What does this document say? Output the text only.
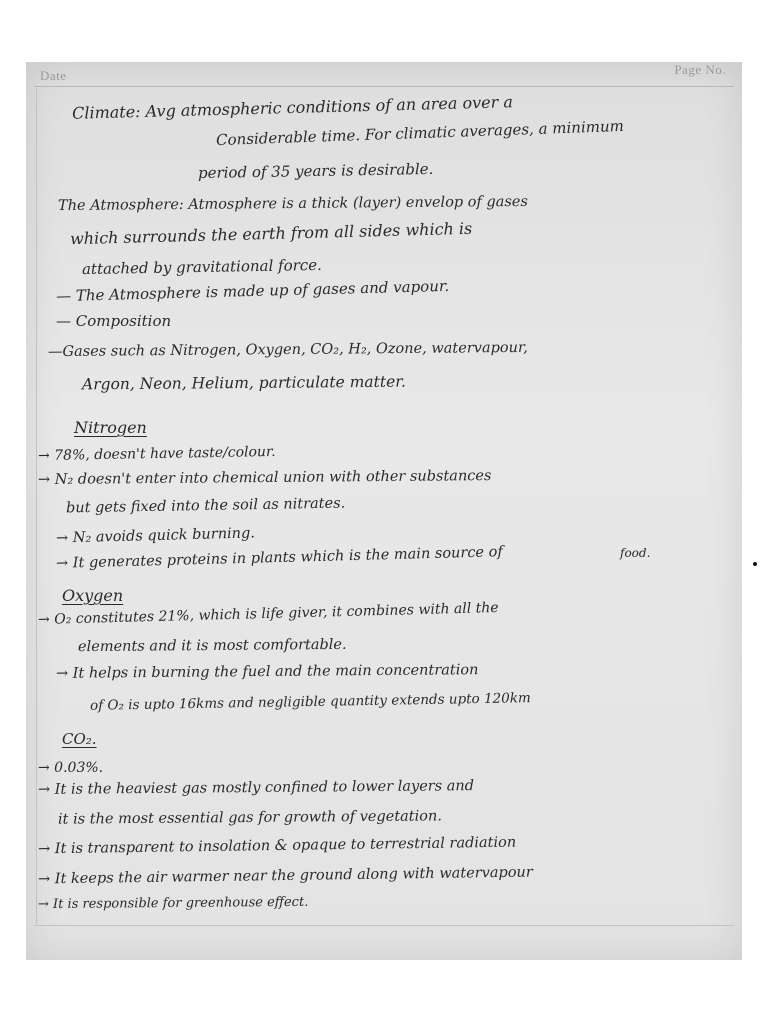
Date	Page No.
Climate: Avg atmospheric conditions of an area over a
Considerable time. For climatic averages, a minimum
period of 35 years is desirable.
The Atmosphere: Atmosphere is a thick (layer) envelop of gases
which surrounds the earth from all sides which is
attached by gravitational force.
— The Atmosphere is made up of gases and vapour.
— Composition
—Gases such as Nitrogen, Oxygen, CO₂, H₂, Ozone, watervapour,
Argon, Neon, Helium, particulate matter.
Nitrogen
→ 78%, doesn't have taste/colour.
→ N₂ doesn't enter into chemical union with other substances
but gets fixed into the soil as nitrates.
→ N₂ avoids quick burning.
→ It generates proteins in plants which is the main source of	food.
Oxygen
→ O₂ constitutes 21%, which is life giver, it combines with all the
elements and it is most comfortable.
→ It helps in burning the fuel and the main concentration
of O₂ is upto 16kms and negligible quantity extends upto 120km
CO₂.
→ 0.03%.
→ It is the heaviest gas mostly confined to lower layers and
it is the most essential gas for growth of vegetation.
→ It is transparent to insolation & opaque to terrestrial radiation
→ It keeps the air warmer near the ground along with watervapour
→ It is responsible for greenhouse effect.
